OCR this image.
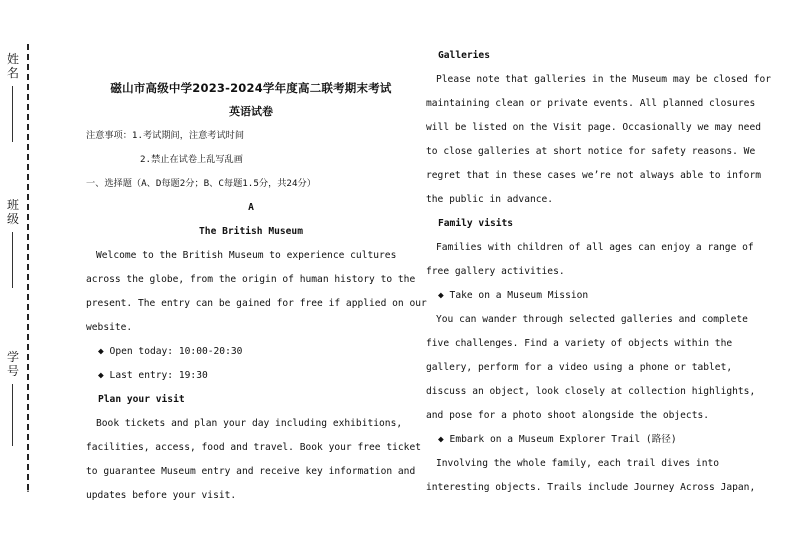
姓名
班级
学号
.
磁山市高级中学2023-2024学年度高二联考期末考试
英语试卷
注意事项：1.考试期间，注意考试时间
2.禁止在试卷上乱写乱画
一、选择题（A、D每题2分；B、C每题1.5分，共24分）
A
The British Museum
Welcome to the British Museum to experience cultures
across the globe, from the origin of human history to the
present. The entry can be gained for free if applied on our
website.
◆ Open today: 10:00-20:30
◆ Last entry: 19:30
Plan your visit
Book tickets and plan your day including exhibitions,
facilities, access, food and travel. Book your free ticket
to guarantee Museum entry and receive key information and
updates before your visit.
Galleries
Please note that galleries in the Museum may be closed for
maintaining clean or private events. All planned closures
will be listed on the Visit page. Occasionally we may need
to close galleries at short notice for safety reasons. We
regret that in these cases we’re not always able to inform
the public in advance.
Family visits
Families with children of all ages can enjoy a range of
free gallery activities.
◆ Take on a Museum Mission
You can wander through selected galleries and complete
five challenges. Find a variety of objects within the
gallery, perform for a video using a phone or tablet,
discuss an object, look closely at collection highlights,
and pose for a photo shoot alongside the objects.
◆ Embark on a Museum Explorer Trail (路径)
Involving the whole family, each trail dives into
interesting objects. Trails include Journey Across Japan,
